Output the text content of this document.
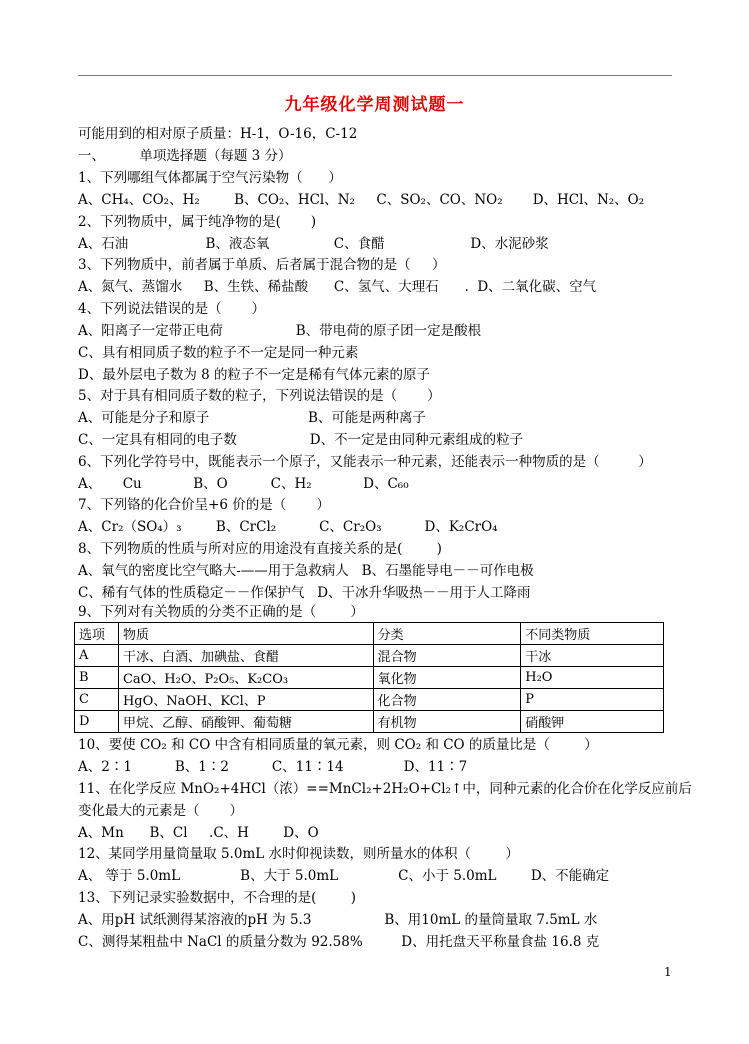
九年级化学周测试题一
可能用到的相对原子质量：H-1，O-16，C-12
一、        单项选择题（每题 3 分）
1、下列哪组气体都属于空气污染物（      ）
A、CH₄、CO₂、H₂        B、CO₂、HCl、N₂     C、SO₂、CO、NO₂       D、HCl、N₂、O₂
2、下列物质中，属于纯净物的是(       )
A、石油                  B、液态氧               C、食醋                    D、水泥砂浆
3、下列物质中，前者属于单质、后者属于混合物的是（     ）
A、氮气、蒸馏水     B、生铁、稀盐酸      C、氢气、大理石      .  D、二氧化碳、空气
4、下列说法错误的是（       ）
A、阳离子一定带正电荷                 B、带电荷的原子团一定是酸根
C、具有相同质子数的粒子不一定是同一种元素
D、最外层电子数为 8 的粒子不一定是稀有气体元素的原子
5、对于具有相同质子数的粒子，下列说法错误的是（       ）
A、可能是分子和原子                       B、可能是两种离子
C、一定具有相同的电子数                 D、不一定是由同种元素组成的粒子
6、下列化学符号中，既能表示一个原子，又能表示一种元素，还能表示一种物质的是（         ）
A、     Cu            B、O          C、H₂            D、C₆₀
7、下列铬的化合价呈+6 价的是（       ）
A、Cr₂（SO₄）₃        B、CrCl₂          C、Cr₂O₃          D、K₂CrO₄
8、下列物质的性质与所对应的用途没有直接关系的是(        )
A、氧气的密度比空气略大-——用于急救病人   B、石墨能导电－－可作电极
C、稀有气体的性质稳定－－作保护气   D、干冰升华吸热－－用于人工降雨
9、下列对有关物质的分类不正确的是（        ）
选项	物质	分类	不同类物质
A	干冰、白酒、加碘盐、食醋	混合物	干冰
B	CaO、H₂O、P₂O₅、K₂CO₃	氧化物	H₂O
C	HgO、NaOH、KCl、P	化合物	P
D	甲烷、乙醇、硝酸钾、葡萄糖	有机物	硝酸钾
10、要使 CO₂ 和 CO 中含有相同质量的氧元素，则 CO₂ 和 CO 的质量比是（        ）
A、2∶1          B、1∶2          C、11∶14              D、11∶7
11、在化学反应 MnO₂+4HCl（浓）==MnCl₂+2H₂O+Cl₂↑中，同种元素的化合价在化学反应前后
变化最大的元素是（       ）
A、Mn      B、Cl     .C、H        D、O
12、某同学用量筒量取 5.0mL 水时仰视读数，则所量水的体积（        ）
A、 等于 5.0mL              B、大于 5.0mL              C、小于 5.0mL        D、不能确定
13、下列记录实验数据中，不合理的是(        )
A、用pH 试纸测得某溶液的pH 为 5.3                 B、用10mL 的量筒量取 7.5mL 水
C、测得某粗盐中 NaCl 的质量分数为 92.58%         D、用托盘天平称量食盐 16.8 克
1
